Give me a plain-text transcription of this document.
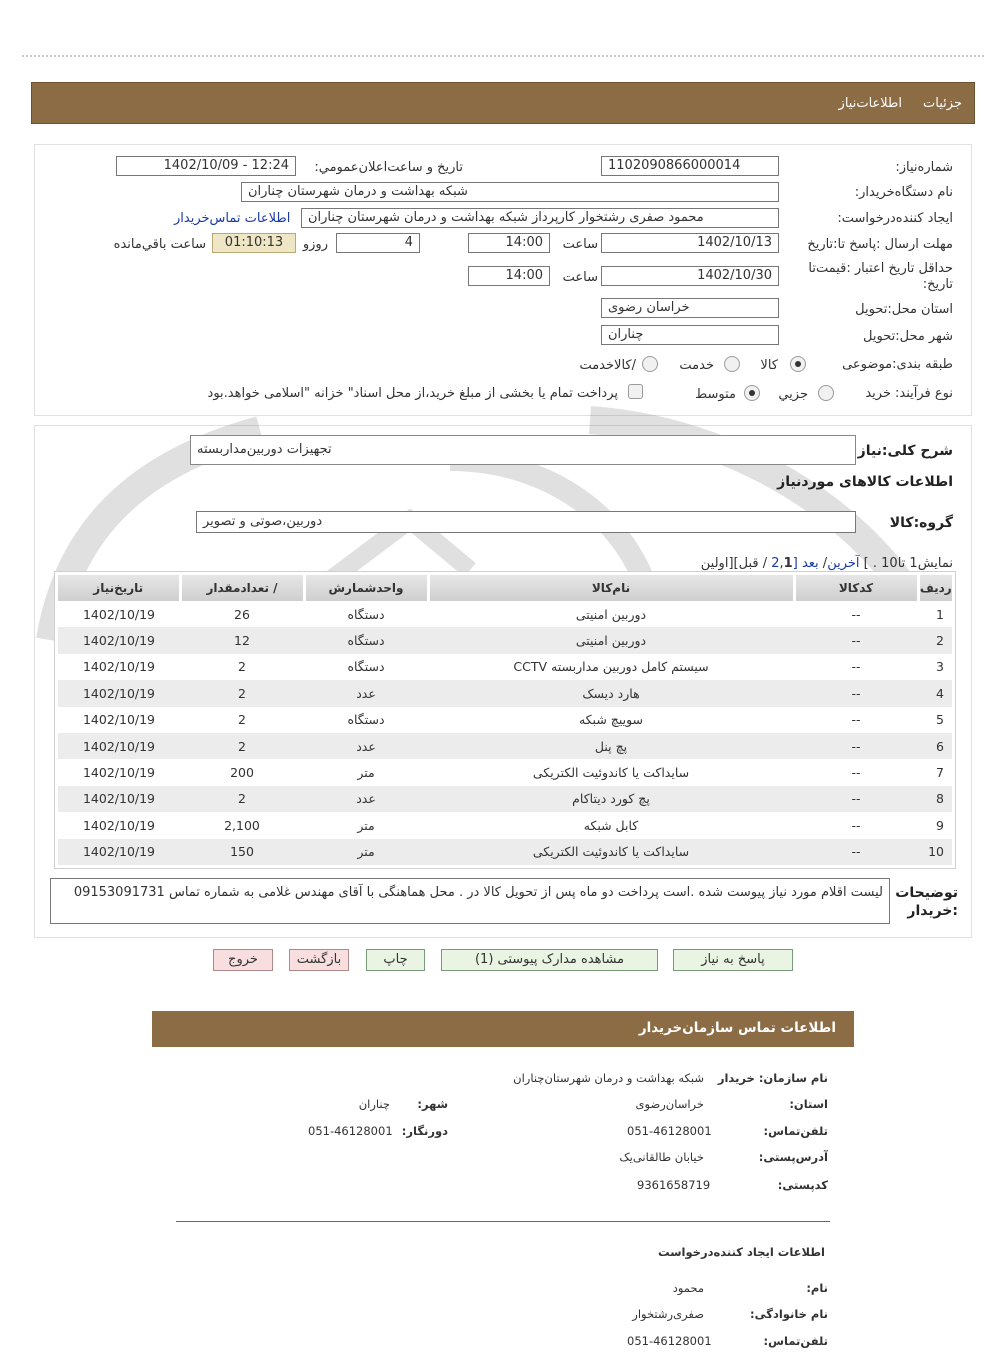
جزئیات
اطلاعات‌نیاز
شماره‌نیاز:
1102090866000014
تاریخ و ساعت‌اعلان‌عمومي:
1402/10/09 - 12:24
نام دستگاه‌خریدار:
شبکه بهداشت و درمان شهرستان چناران
ایجاد کننده‌درخواست:
محمود صفری رشتخوار کارپرداز شبکه بهداشت و درمان شهرستان چناران
اطلاعات تماس‌خریدار
مهلت ارسال :پاسخ تا:تاریخ
1402/10/13
ساعت
14:00
4
روزو
01:10:13
ساعت باقي‌مانده
حداقل تاریخ اعتبار :قیمت‌تا تاریخ:
1402/10/30
ساعت
14:00
استان محل:تحویل
خراسان رضوی
شهر محل:تحویل
چناران
طبقه بندی:موضوعی
کالا
خدمت
/کالاخدمت
نوع فرآیند:
خرید
جزيي
متوسط
پرداخت تمام یا بخشی از مبلغ خرید،از محل اسناد" خزانه "اسلامی خواهد.بود
شرح کلی:نیاز
تجهیزات دوربین‌مداربسته
اطلاعات کالاهای مورد‌نیاز
گروه:کالا
دوربین،صوتی و تصویر
نمایش1 تا10 . ] آخرین/ بعد [2,1 / قبل][اولین
ردیف	کدکالا	نام‌کالا	واحدشمارش	/ تعدادمقدار	تاریخ‌نیاز
1	--	دوربین امنیتی	دستگاه	26	1402/10/19
2	--	دوربین امنیتی	دستگاه	12	1402/10/19
3	--	سیستم کامل دوربین مداربسته CCTV	دستگاه	2	1402/10/19
4	--	هارد دیسک	عدد	2	1402/10/19
5	--	سوییچ شبکه	دستگاه	2	1402/10/19
6	--	پچ پنل	عدد	2	1402/10/19
7	--	سایداکت یا کاندوئیت الکتریکی	متر	200	1402/10/19
8	--	پچ کورد دیتاکام	عدد	2	1402/10/19
9	--	کابل شبکه	متر	2,100	1402/10/19
10	--	سایداکت یا کاندوئیت الکتریکی	متر	150	1402/10/19
توضیحات :خریدار
لیست اقلام مورد نیاز پیوست شده .است پرداخت دو ماه پس از تحویل کالا در . محل هماهنگی با آقای مهندس غلامی به شماره تماس 09153091731
پاسخ به نیاز
مشاهده مدارک پیوستی (1)
چاپ
بازگشت
خروج
اطلاعات تماس سازمان‌خریدار
نام سازمان: خریدار
شبکه بهداشت و درمان شهرستان‌چناران
استان:
خراسان‌رضوی
شهر:
چناران
تلفن‌تماس:
051-46128001
دورنگار:
051-46128001
آدرس‌پستی:
خیابان طالقانی‌یک
کد‌پستی:
9361658719
اطلاعات ایجاد کننده‌درخواست
نام:
محمود
نام خانوادگی:
صفری‌رشتخوار
تلفن‌تماس:
051-46128001
